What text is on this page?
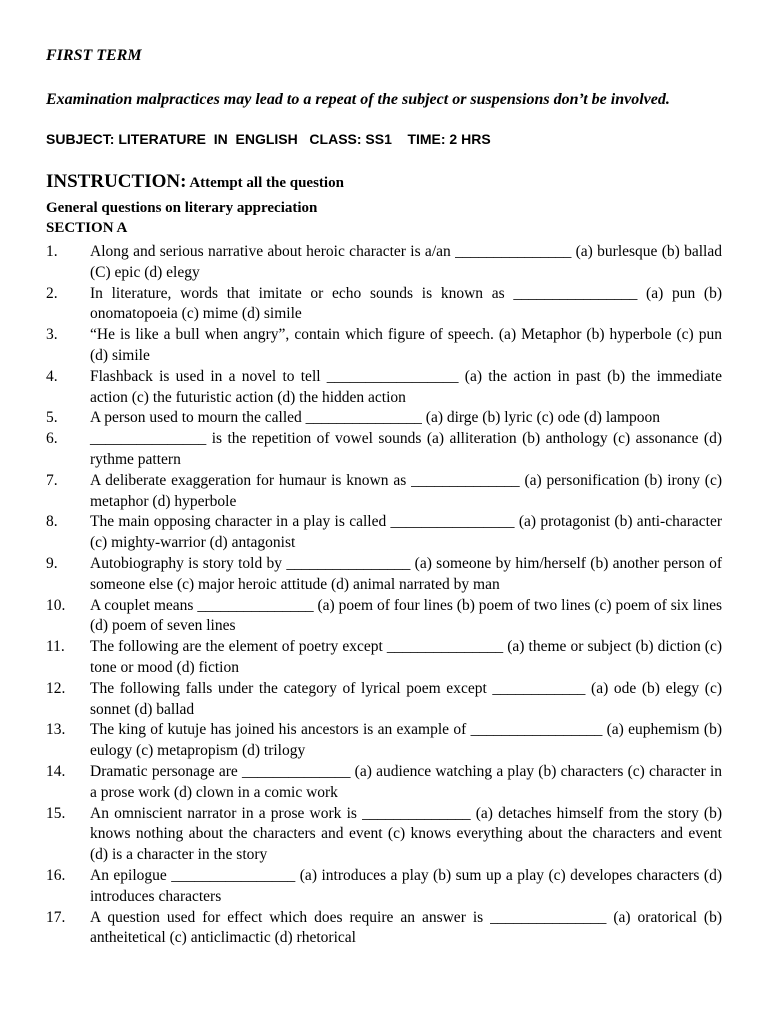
FIRST TERM
Examination malpractices may lead to a repeat of the subject or suspensions don’t be involved.
SUBJECT: LITERATURE  IN  ENGLISH   CLASS: SS1    TIME: 2 HRS
INSTRUCTION: Attempt all the question
General questions on literary appreciation
SECTION A
1.	Along and serious narrative about heroic character is a/an _______________ (a) burlesque (b) ballad (C) epic (d) elegy
2.	In literature, words that imitate or echo sounds is known as ________________ (a) pun (b) onomatopoeia (c) mime (d) simile
3.	“He is like a bull when angry”, contain which figure of speech. (a) Metaphor (b) hyperbole (c) pun (d) simile
4.	Flashback is used in a novel to tell _________________ (a) the action in past (b) the immediate action (c) the futuristic action (d) the hidden action
5.	A person used to mourn the called _______________ (a) dirge (b) lyric (c) ode (d) lampoon
6.	_______________ is the repetition of vowel sounds (a) alliteration (b) anthology (c) assonance (d) rythme pattern
7.	A deliberate exaggeration for humaur is known as ______________ (a) personification (b) irony (c) metaphor (d) hyperbole
8.	The main opposing character in a play is called ________________ (a) protagonist (b) anti-character (c) mighty-warrior (d) antagonist
9.	Autobiography is story told by ________________ (a) someone by him/herself (b) another person of someone else (c) major heroic attitude (d) animal narrated by man
10.	A couplet means _______________ (a) poem of four lines (b) poem of two lines (c) poem of six lines (d) poem of seven lines
11.	The following are the element of poetry except _______________ (a) theme or subject (b) diction (c) tone or mood (d) fiction
12.	The following falls under the category of lyrical poem except ____________ (a) ode (b) elegy (c) sonnet (d) ballad
13.	The king of kutuje has joined his ancestors is an example of _________________ (a) euphemism (b) eulogy (c) metapropism (d) trilogy
14.	Dramatic personage are ______________ (a) audience watching a play (b) characters (c) character in a prose work (d) clown in a comic work
15.	An omniscient narrator in a prose work is ______________ (a) detaches himself from the story (b) knows nothing about the characters and event (c) knows everything about the characters and event (d) is a character in the story
16.	An epilogue ________________ (a) introduces a play (b) sum up a play (c) developes characters (d) introduces characters
17.	A question used for effect which does require an answer is _______________ (a) oratorical (b) antheitetical (c) anticlimactic (d) rhetorical
